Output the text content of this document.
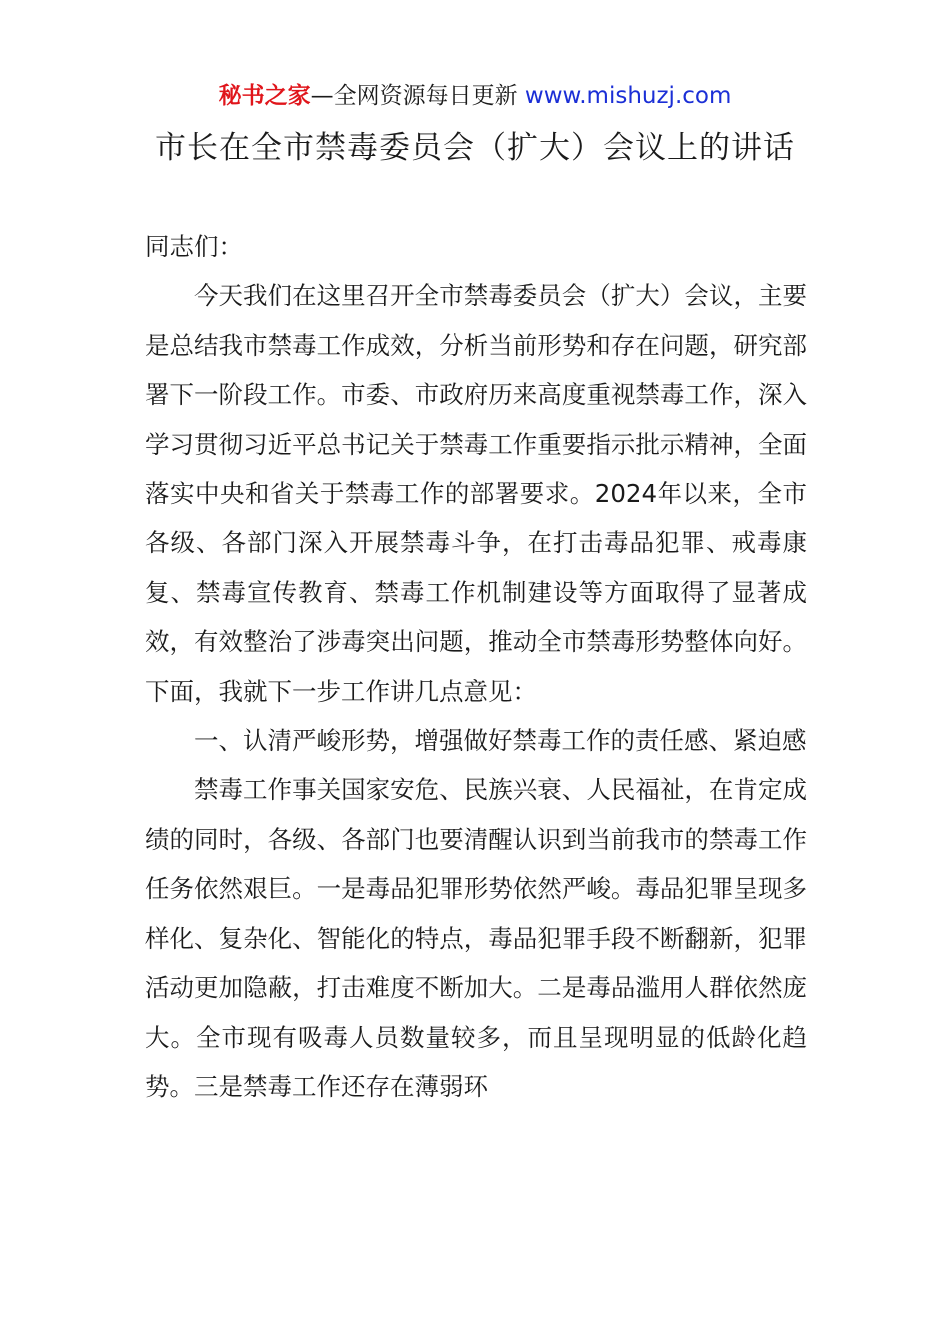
秘书之家—全网资源每日更新 www.mishuzj.com
市长在全市禁毒委员会（扩大）会议上的讲话

同志们：

今天我们在这里召开全市禁毒委员会（扩大）会议，主要是总结我市禁毒工作成效，分析当前形势和存在问题，研究部署下一阶段工作。市委、市政府历来高度重视禁毒工作，深入学习贯彻习近平总书记关于禁毒工作重要指示批示精神，全面落实中央和省关于禁毒工作的部署要求。2024年以来，全市各级、各部门深入开展禁毒斗争，在打击毒品犯罪、戒毒康复、禁毒宣传教育、禁毒工作机制建设等方面取得了显著成效，有效整治了涉毒突出问题，推动全市禁毒形势整体向好。下面，我就下一步工作讲几点意见：

一、认清严峻形势，增强做好禁毒工作的责任感、紧迫感

禁毒工作事关国家安危、民族兴衰、人民福祉，在肯定成绩的同时，各级、各部门也要清醒认识到当前我市的禁毒工作任务依然艰巨。一是毒品犯罪形势依然严峻。毒品犯罪呈现多样化、复杂化、智能化的特点，毒品犯罪手段不断翻新，犯罪活动更加隐蔽，打击难度不断加大。二是毒品滥用人群依然庞大。全市现有吸毒人员数量较多，而且呈现明显的低龄化趋势。三是禁毒工作还存在薄弱环
